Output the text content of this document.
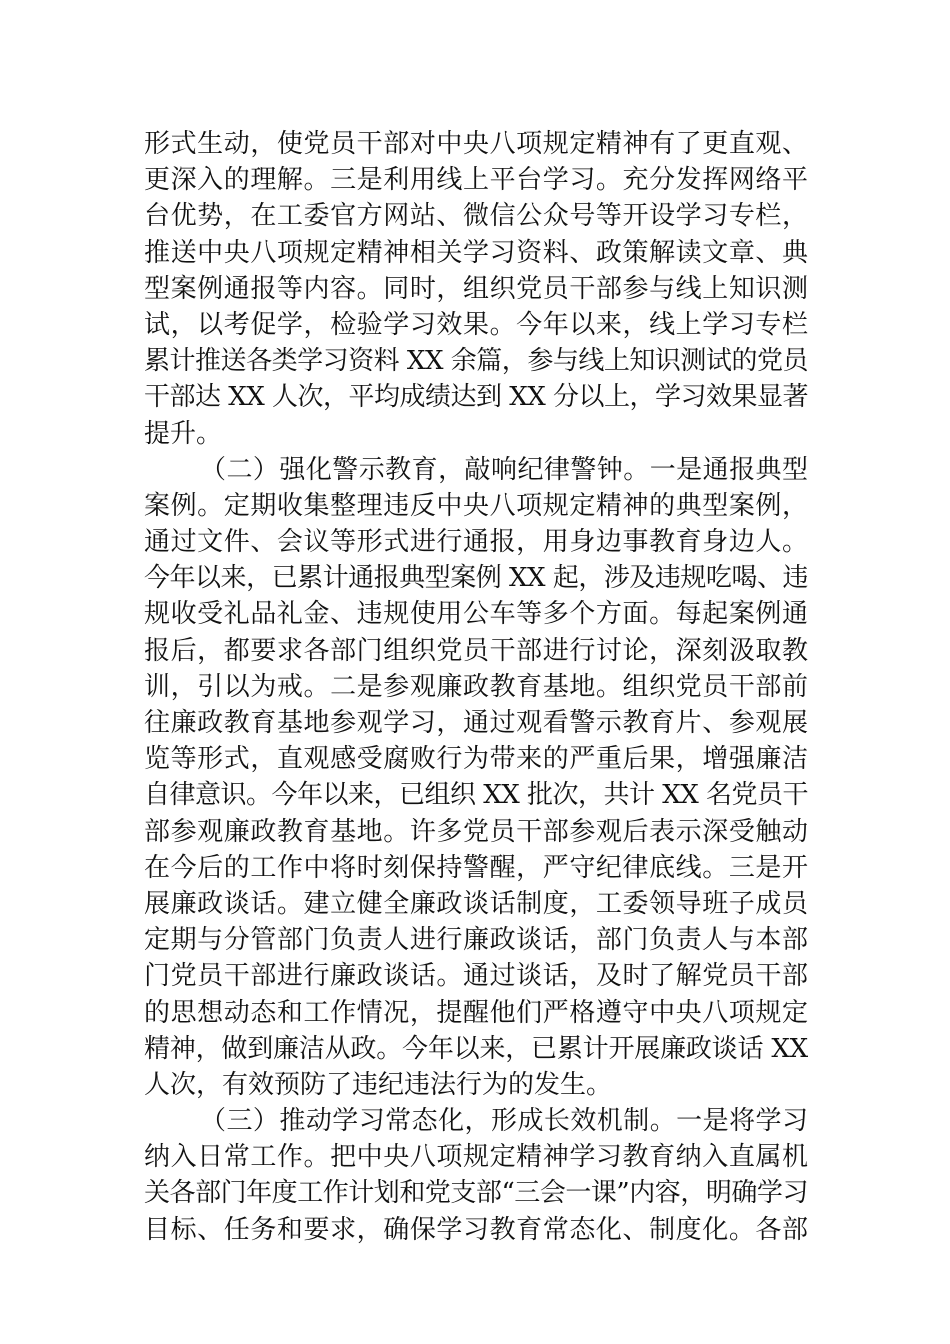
形式生动，使党员干部对中央八项规定精神有了更直观、
更深入的理解。三是利用线上平台学习。充分发挥网络平
台优势，在工委官方网站、微信公众号等开设学习专栏，
推送中央八项规定精神相关学习资料、政策解读文章、典
型案例通报等内容。同时，组织党员干部参与线上知识测
试，以考促学，检验学习效果。今年以来，线上学习专栏
累计推送各类学习资料 XX 余篇，参与线上知识测试的党员
干部达 XX 人次，平均成绩达到 XX 分以上，学习效果显著
提升。
（二）强化警示教育，敲响纪律警钟。一是通报典型
案例。定期收集整理违反中央八项规定精神的典型案例，
通过文件、会议等形式进行通报，用身边事教育身边人。
今年以来，已累计通报典型案例 XX 起，涉及违规吃喝、违
规收受礼品礼金、违规使用公车等多个方面。每起案例通
报后，都要求各部门组织党员干部进行讨论，深刻汲取教
训，引以为戒。二是参观廉政教育基地。组织党员干部前
往廉政教育基地参观学习，通过观看警示教育片、参观展
览等形式，直观感受腐败行为带来的严重后果，增强廉洁
自律意识。今年以来，已组织 XX 批次，共计 XX 名党员干
部参观廉政教育基地。许多党员干部参观后表示深受触动
在今后的工作中将时刻保持警醒，严守纪律底线。三是开
展廉政谈话。建立健全廉政谈话制度，工委领导班子成员
定期与分管部门负责人进行廉政谈话，部门负责人与本部
门党员干部进行廉政谈话。通过谈话，及时了解党员干部
的思想动态和工作情况，提醒他们严格遵守中央八项规定
精神，做到廉洁从政。今年以来，已累计开展廉政谈话 XX
人次，有效预防了违纪违法行为的发生。
（三）推动学习常态化，形成长效机制。一是将学习
纳入日常工作。把中央八项规定精神学习教育纳入直属机
关各部门年度工作计划和党支部“三会一课”内容，明确学习
目标、任务和要求，确保学习教育常态化、制度化。各部
